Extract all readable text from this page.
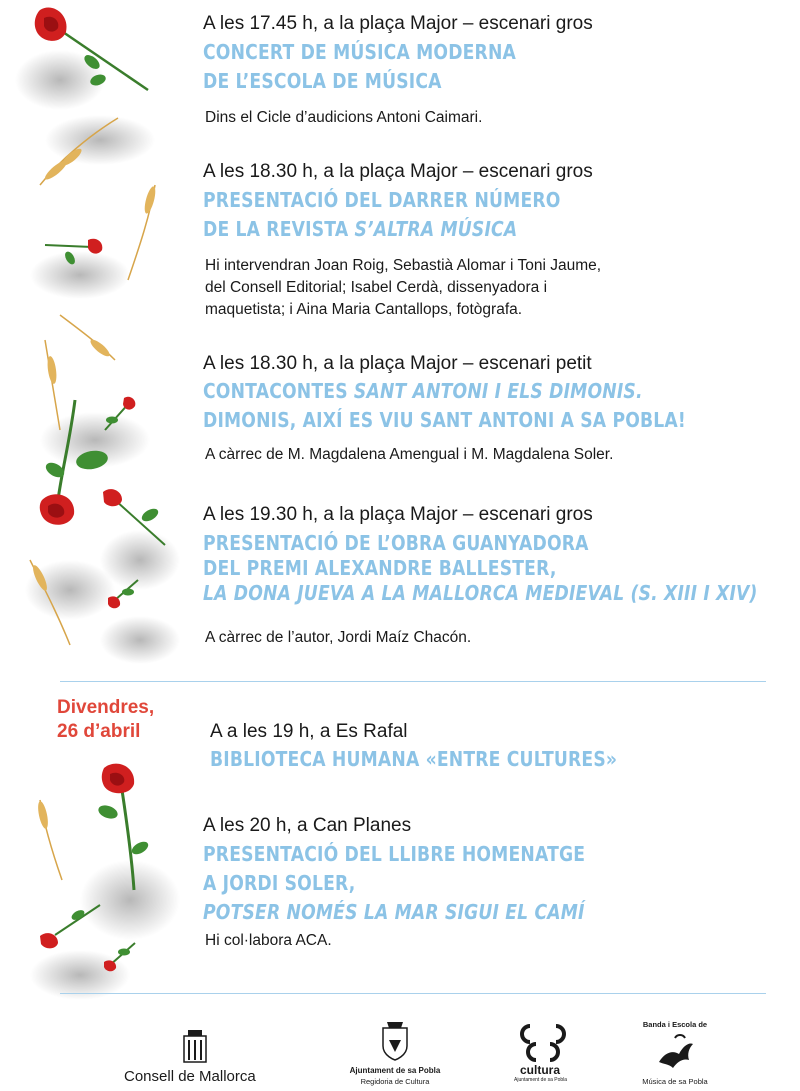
A les 17.45 h, a la plaça Major – escenari gros
CONCERT DE MÚSICA MODERNA
DE L’ESCOLA DE MÚSICA
Dins el Cicle d’audicions Antoni Caimari.
A les 18.30 h, a la plaça Major – escenari gros
PRESENTACIÓ DEL DARRER NÚMERO
DE LA REVISTA S’ALTRA MÚSICA
Hi intervendran Joan Roig, Sebastià Alomar i Toni Jaume,
del Consell Editorial; Isabel Cerdà, dissenyadora i
maquetista; i Aina Maria Cantallops, fotògrafa.
A les 18.30 h, a la plaça Major – escenari petit
CONTACONTES SANT ANTONI I ELS DIMONIS.
DIMONIS, AIXÍ ES VIU SANT ANTONI A SA POBLA!
A càrrec de M. Magdalena Amengual i M. Magdalena Soler.
A les 19.30 h, a la plaça Major – escenari gros
PRESENTACIÓ DE L’OBRA GUANYADORA
DEL PREMI ALEXANDRE BALLESTER,
LA DONA JUEVA A LA MALLORCA MEDIEVAL (S. XIII I XIV)
A càrrec de l’autor, Jordi Maíz Chacón.
Divendres,
26 d’abril	A a les 19 h, a Es Rafal
BIBLIOTECA HUMANA «ENTRE CULTURES»
A les 20 h, a Can Planes
PRESENTACIÓ DEL LLIBRE HOMENATGE
A JORDI SOLER,
POTSER NOMÉS LA MAR SIGUI EL CAMÍ
Hi col·labora ACA.
Consell de Mallorca	Ajuntament de sa Pobla
Regidoria de Cultura
cultura
Ajuntament de sa Pobla
Banda i Escola de
Música de sa Pobla
